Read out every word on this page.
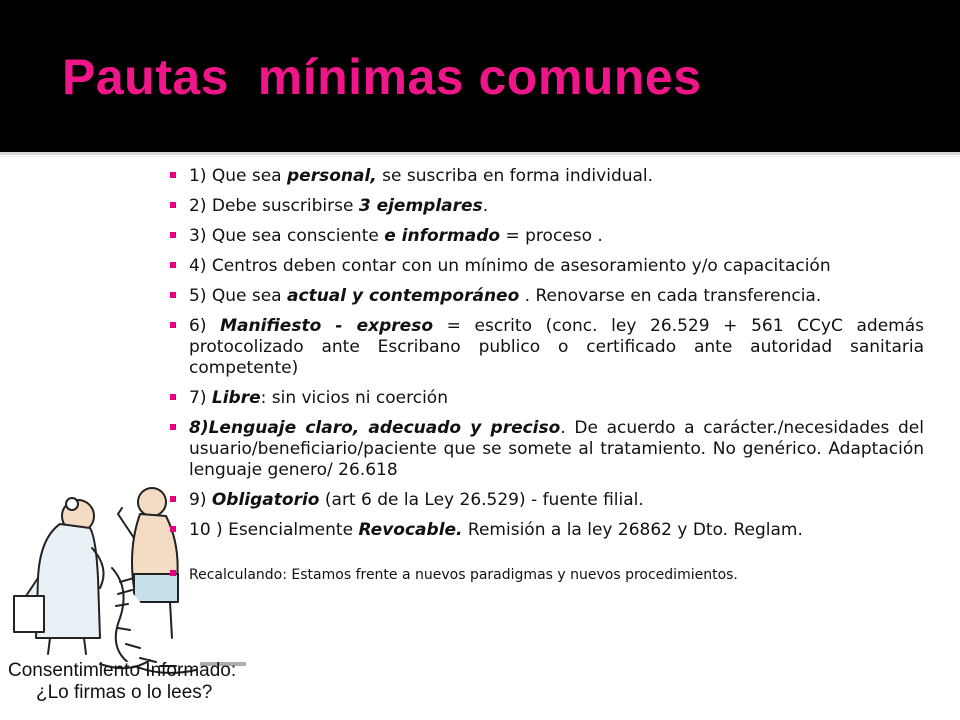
Pautas  mínimas comunes
Consentimiento Informado:
¿Lo firmas o lo lees?
1) Que sea personal, se suscriba en forma individual.
2) Debe suscribirse 3 ejemplares.
3) Que sea consciente e informado = proceso .
4) Centros deben contar con un mínimo de asesoramiento y/o capacitación
5) Que sea actual y contemporáneo . Renovarse en cada transferencia.
6) Manifiesto - expreso = escrito (conc. ley 26.529 + 561 CCyC además protocolizado ante Escribano publico o certificado ante autoridad sanitaria competente)
7) Libre: sin vicios ni coerción
8)Lenguaje claro, adecuado y preciso. De acuerdo a carácter./necesidades del usuario/beneficiario/paciente que se somete al tratamiento. No genérico. Adaptación lenguaje genero/ 26.618
9) Obligatorio (art 6 de la Ley 26.529) - fuente filial.
10 ) Esencialmente Revocable. Remisión a la ley 26862 y Dto. Reglam.
Recalculando: Estamos frente a nuevos paradigmas y nuevos procedimientos.
